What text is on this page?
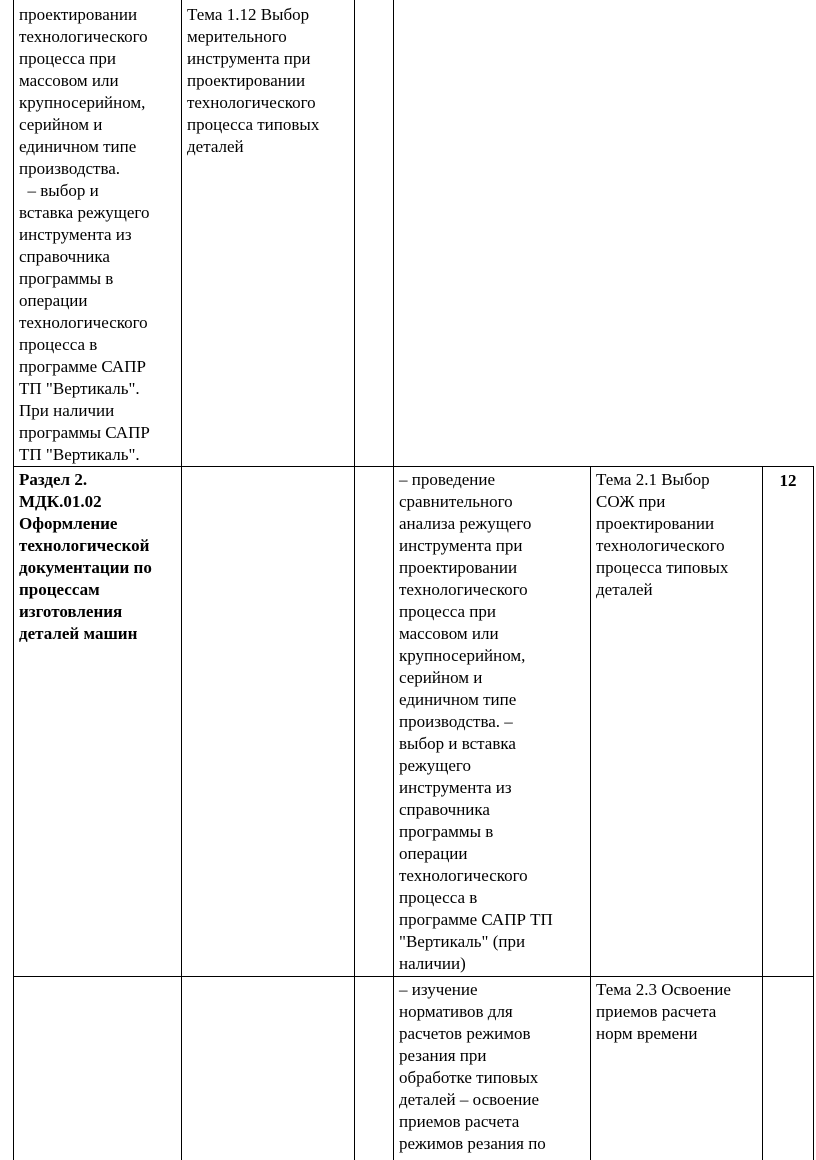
проектировании
технологического
процесса при
массовом или
крупносерийном,
серийном и
единичном типе
производства.
– выбор и
вставка режущего
инструмента из
справочника
программы в
операции
технологического
процесса в
программе САПР
ТП "Вертикаль".
При наличии
программы САПР
ТП "Вертикаль".
Тема 1.12 Выбор
мерительного
инструмента при
проектировании
технологического
процесса типовых
деталей
Раздел 2.
МДК.01.02
Оформление
технологической
документации по
процессам
изготовления
деталей машин
– проведение
сравнительного
анализа режущего
инструмента при
проектировании
технологического
процесса при
массовом или
крупносерийном,
серийном и
единичном типе
производства. –
выбор и вставка
режущего
инструмента из
справочника
программы в
операции
технологического
процесса в
программе САПР ТП
"Вертикаль" (при
наличии)
Тема 2.1 Выбор
СОЖ при
проектировании
технологического
процесса типовых
деталей
12
– изучение
нормативов для
расчетов режимов
резания при
обработке типовых
деталей – освоение
приемов расчета
режимов резания по
Тема 2.3 Освоение
приемов расчета
норм времени
